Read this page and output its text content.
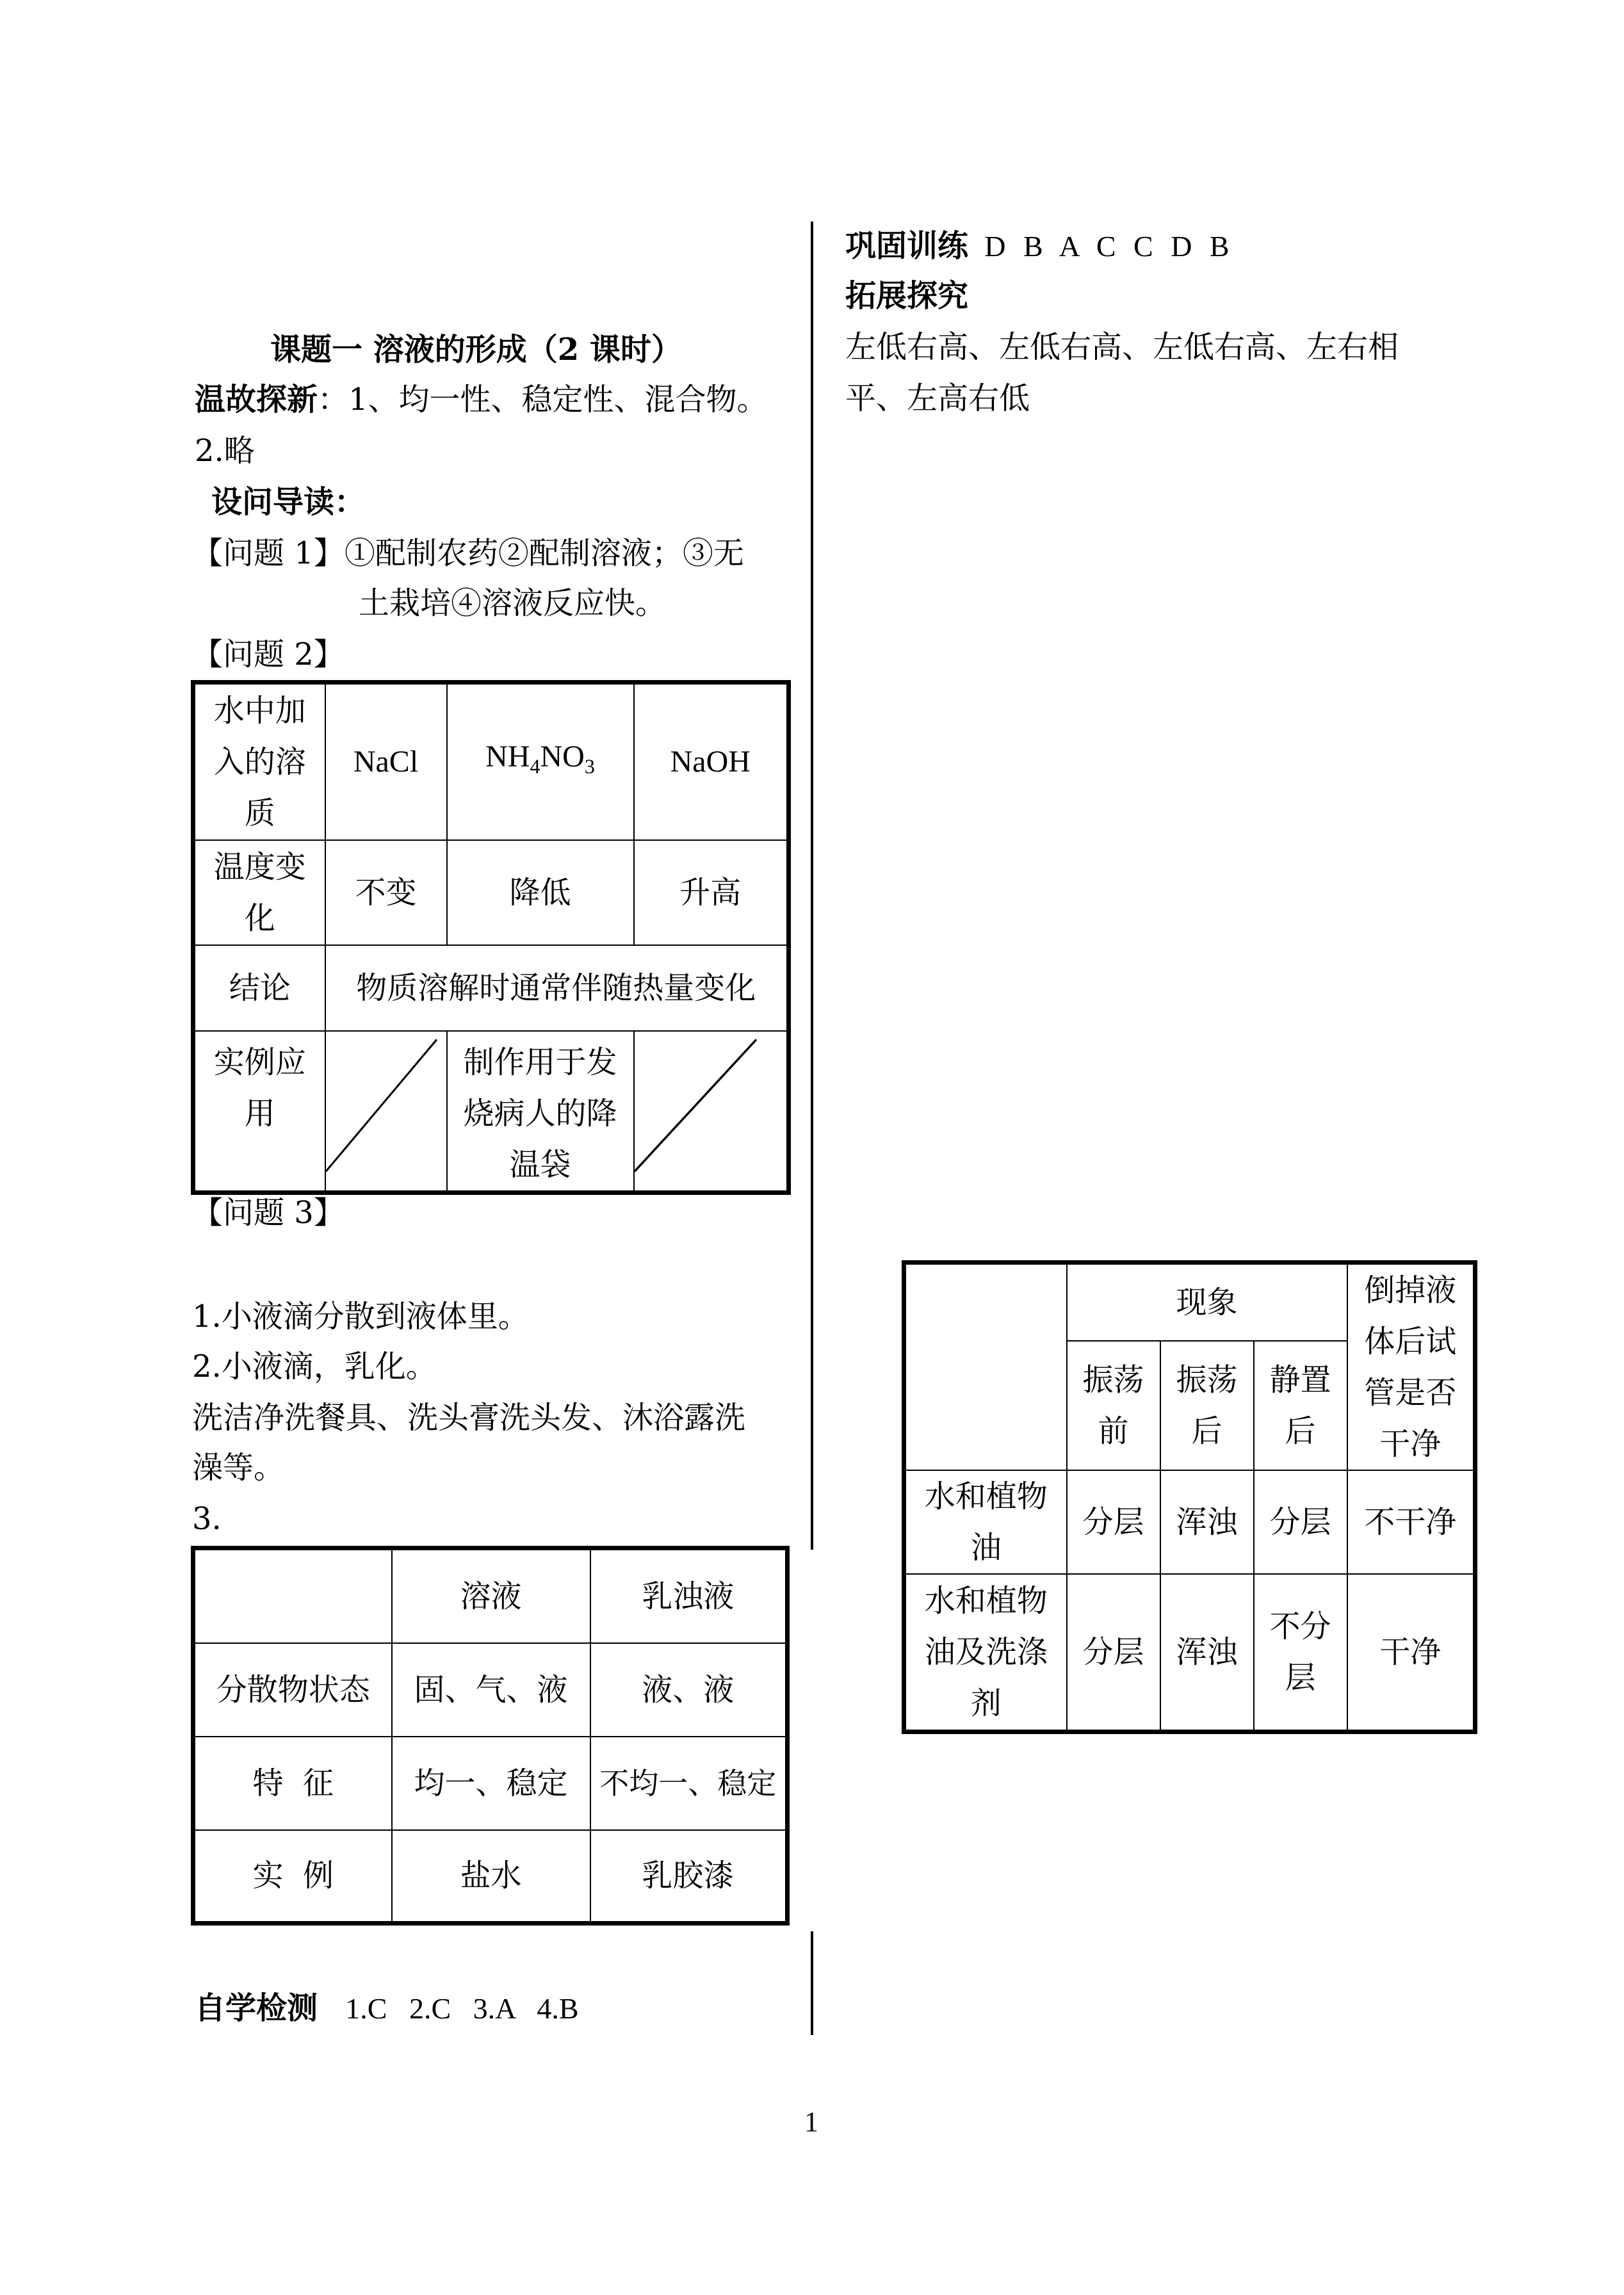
课题一 溶液的形成（2 课时）
温故探新：1、均一性、稳定性、混合物。
2.略
设问导读：
【问题 1】①配制农药②配制溶液；③无
土栽培④溶液反应快。
【问题 2】
水中加入的溶质	NaCl	$NH_4NO_3$	NaOH
温度变化	不变	降低	升高
结论	物质溶解时通常伴随热量变化		
实例应用		制作用于发烧病人的降温袋	
【问题 3】
1.小液滴分散到液体里。
2.小液滴，乳化。
洗洁净洗餐具、洗头膏洗头发、沐浴露洗
澡等。
3.
	溶液	乳浊液
分散物状态	固、气、液	液、液
特  征	均一、稳定	不均一、稳定
实  例	盐水	乳胶漆
自学检测 1.C   2.C   3.A   4.B
巩固训练 D B A C C D B
拓展探究
左低右高、左低右高、左低右高、左右相
平、左高右低
	现象			倒掉液体后试管是否干净
	振荡前	振荡后	静置后	
水和植物油	分层	浑浊	分层	不干净
水和植物油及洗涤剂	分层	浑浊	不分层	干净
1
